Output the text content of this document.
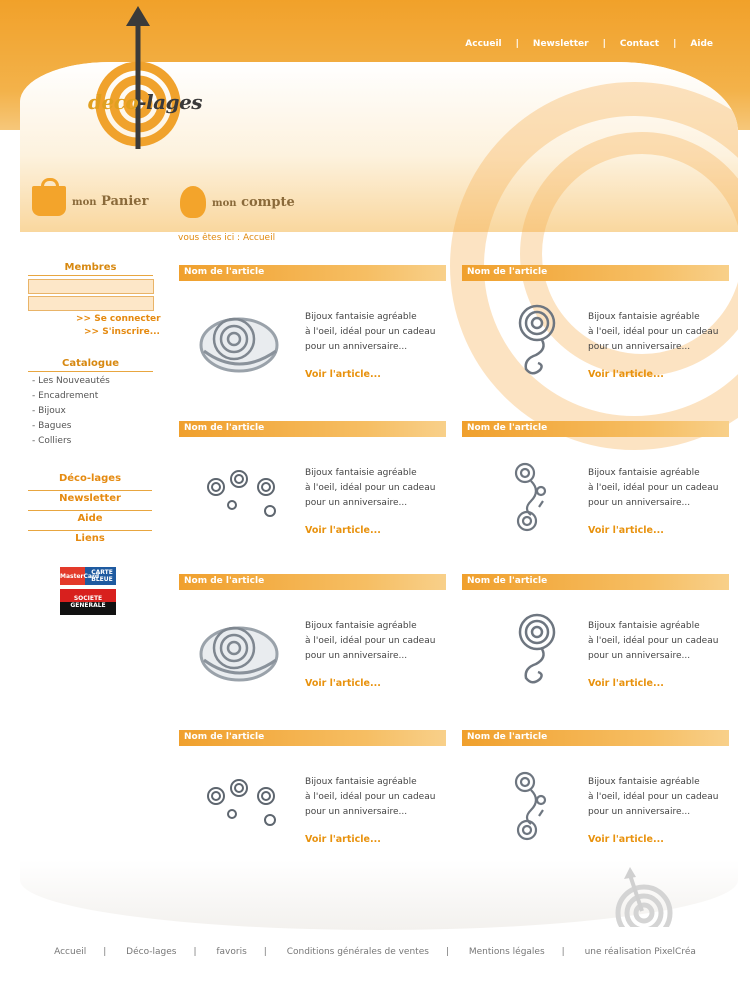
Accueil	|	Newsletter	|	Contact	|	Aide
deco-lages
mon Panier	mon compte
vous êtes ici : Accueil
Membres
>> Se connecter
>> S'inscrire...
Catalogue
- Les Nouveautés
- Encadrement
- Bijoux
- Bagues
- Colliers
Déco-lages
Newsletter
Aide
Liens
MasterCard
CARTE BLEUE
SOCIETE GENERALE
Nom de l'article

Bijoux fantaisie agréable

à l'oeil, idéal pour un cadeau

pour un anniversaire...

Voir l'article...
Nom de l'article

Bijoux fantaisie agréable

à l'oeil, idéal pour un cadeau

pour un anniversaire...

Voir l'article...
Nom de l'article

Bijoux fantaisie agréable

à l'oeil, idéal pour un cadeau

pour un anniversaire...

Voir l'article...
Nom de l'article

Bijoux fantaisie agréable

à l'oeil, idéal pour un cadeau

pour un anniversaire...

Voir l'article...
Nom de l'article

Bijoux fantaisie agréable

à l'oeil, idéal pour un cadeau

pour un anniversaire...

Voir l'article...
Nom de l'article

Bijoux fantaisie agréable

à l'oeil, idéal pour un cadeau

pour un anniversaire...

Voir l'article...
Nom de l'article

Bijoux fantaisie agréable

à l'oeil, idéal pour un cadeau

pour un anniversaire...

Voir l'article...
Nom de l'article

Bijoux fantaisie agréable

à l'oeil, idéal pour un cadeau

pour un anniversaire...

Voir l'article...
Accueil | Déco-lages | favoris | Conditions générales de ventes | Mentions légales | une réalisation PixelCréa
